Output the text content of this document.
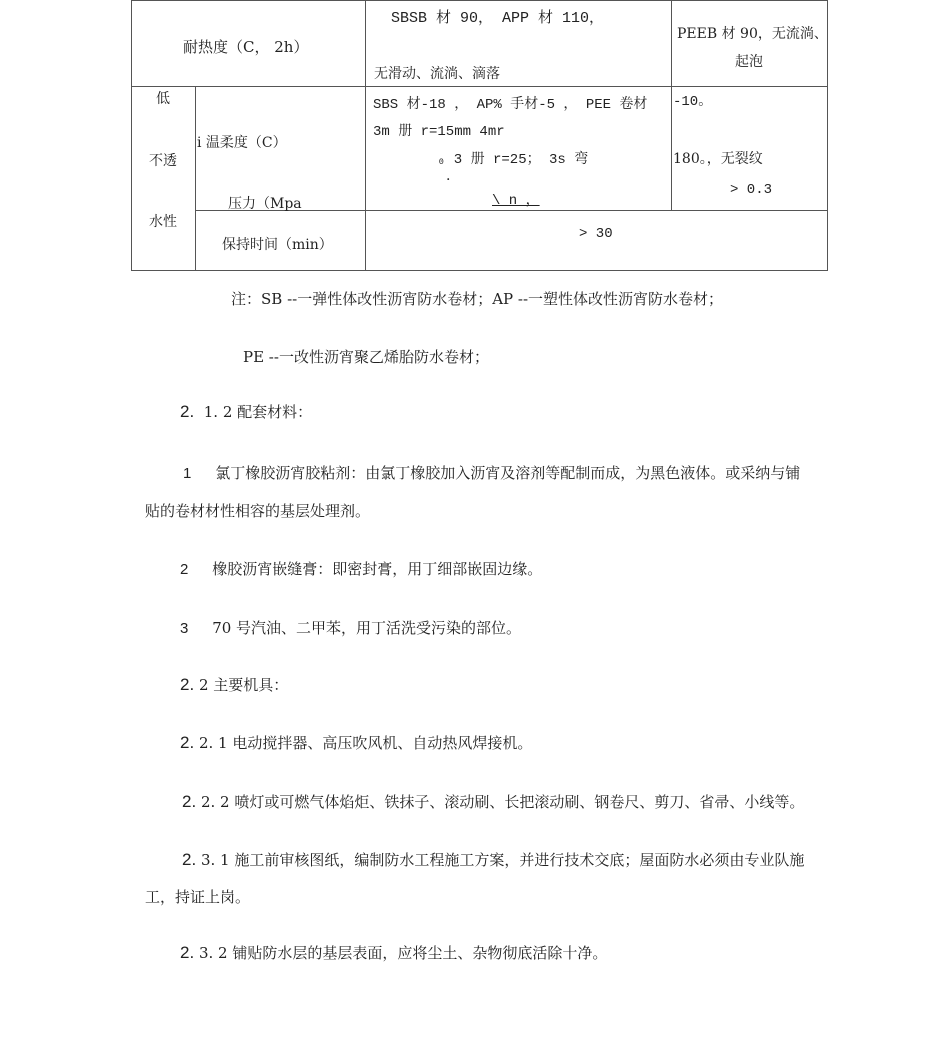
耐热度（C， 2h）
SBSB 材 90， APP 材 110，
无滑动、流淌、滴落
PEEB 材 90，无流淌、
起泡
低
不透
水性
i 温柔度（C）
压力（Mpa
SBS 材-18 ， AP% 手材-5 ， PEE 卷材
3m 册 r=15mm 4mr
₀ 3 册 r=25； 3s 弯
.
\ n ，
-10。
180。，无裂纹
> 0.3
保持时间（min）
> 30
注：SB --一弹性体改性沥宵防水卷材；AP --一塑性体改性沥宵防水卷材；
PE --一改性沥宵聚乙烯胎防水卷材；
2. 1. 2 配套材料：
1 氯丁橡胶沥宵胶粘剂：由氯丁橡胶加入沥宵及溶剂等配制而成，为黑色液体。或采纳与铺
贴的卷材材性相容的基层处理剂。
2 橡胶沥宵嵌缝膏：即密封膏，用丁细部嵌固边缘。
3 70 号汽油、二甲苯，用丁活洗受污染的部位。
2. 2 主要机具：
2. 2. 1 电动搅拌器、高压吹风机、自动热风焊接机。
2. 2. 2 喷灯或可燃气体焰炬、铁抹子、滚动刷、长把滚动刷、钢卷尺、剪刀、省帚、小线等。
2. 3. 1 施工前审核图纸，编制防水工程施工方案，并进行技术交底；屋面防水必须由专业队施
工，持证上岗。
2. 3. 2 铺贴防水层的基层表面，应将尘土、杂物彻底活除十净。
